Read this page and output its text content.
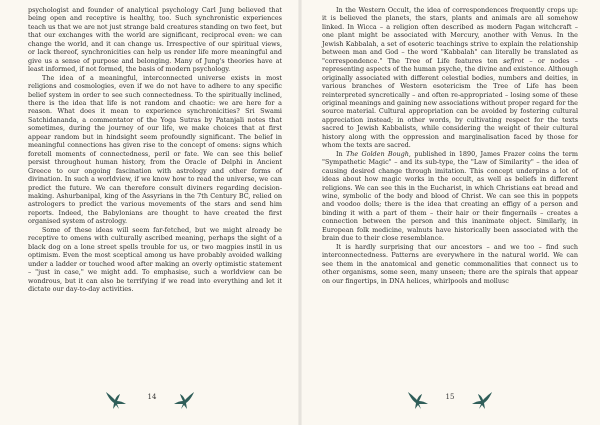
psychologist and founder of analytical psychology Carl Jung believed that being open and receptive is healthy, too. Such synchronistic experiences teach us that we are not just strange bald creatures standing on two feet, but that our exchanges with the world are significant, reciprocal even: we can change the world, and it can change us. Irrespective of our spiritual views, or lack thereof, synchronicities can help us render life more meaningful and give us a sense of purpose and belonging. Many of Jung's theories have at least informed, if not formed, the basis of modern psychology.

The idea of a meaningful, interconnected universe exists in most religions and cosmologies, even if we do not have to adhere to any specific belief system in order to see such connectedness. To the spiritually inclined, there is the idea that life is not random and chaotic: we are here for a reason. What does it mean to experience synchronicities? Sri Swami Satchidananda, a commentator of the Yoga Sutras by Patanjali notes that sometimes, during the journey of our life, we make choices that at first appear random but in hindsight seem profoundly significant. The belief in meaningful connections has given rise to the concept of omens: signs which foretell moments of connectedness, peril or fate. We can see this belief persist throughout human history, from the Oracle of Delphi in Ancient Greece to our ongoing fascination with astrology and other forms of divination. In such a worldview, if we know how to read the universe, we can predict the future. We can therefore consult diviners regarding decision-making. Ashurbanipal, king of the Assyrians in the 7th Century BC, relied on astrologers to predict the various movements of the stars and send him reports. Indeed, the Babylonians are thought to have created the first organised system of astrology.

Some of these ideas will seem far-fetched, but we might already be receptive to omens with culturally ascribed meaning, perhaps the sight of a black dog on a lone street spells trouble for us, or two magpies instil in us optimism. Even the most sceptical among us have probably avoided walking under a ladder or touched wood after making an overly optimistic statement – "just in case," we might add. To emphasise, such a worldview can be wondrous, but it can also be terrifying if we read into everything and let it dictate our day-to-day activities.

14

In the Western Occult, the idea of correspondences frequently crops up: it is believed the planets, the stars, plants and animals are all somehow linked. In Wicca – a religion often described as modern Pagan witchcraft – one plant might be associated with Mercury, another with Venus. In the Jewish Kabbalah, a set of esoteric teachings strive to explain the relationship between man and God – the word "Kabbalah" can literally be translated as "correspondence." The Tree of Life features ten sefirot – or nodes – representing aspects of the human psyche, the divine and existence. Although originally associated with different celestial bodies, numbers and deities, in various branches of Western esotericism the Tree of Life has been reinterpreted syncretically – and often re-appropriated – losing some of these original meanings and gaining new associations without proper regard for the source material. Cultural appropriation can be avoided by fostering cultural appreciation instead; in other words, by cultivating respect for the texts sacred to Jewish Kabbalists, while considering the weight of their cultural history along with the oppression and marginalisation faced by those for whom the texts are sacred.

In The Golden Bough, published in 1890, James Frazer coins the term "Sympathetic Magic" – and its sub-type, the "Law of Similarity" – the idea of causing desired change through imitation. This concept underpins a lot of ideas about how magic works in the occult, as well as beliefs in different religions. We can see this in the Eucharist, in which Christians eat bread and wine, symbolic of the body and blood of Christ. We can see this in poppets and voodoo dolls; there is the idea that creating an effigy of a person and binding it with a part of them – their hair or their fingernails – creates a connection between the person and this inanimate object. Similarly, in European folk medicine, walnuts have historically been associated with the brain due to their close resemblance.

It is hardly surprising that our ancestors – and we too – find such interconnectedness. Patterns are everywhere in the natural world. We can see them in the anatomical and genetic commonalities that connect us to other organisms, some seen, many unseen; there are the spirals that appear on our fingertips, in DNA helices, whirlpools and mollusc

15
